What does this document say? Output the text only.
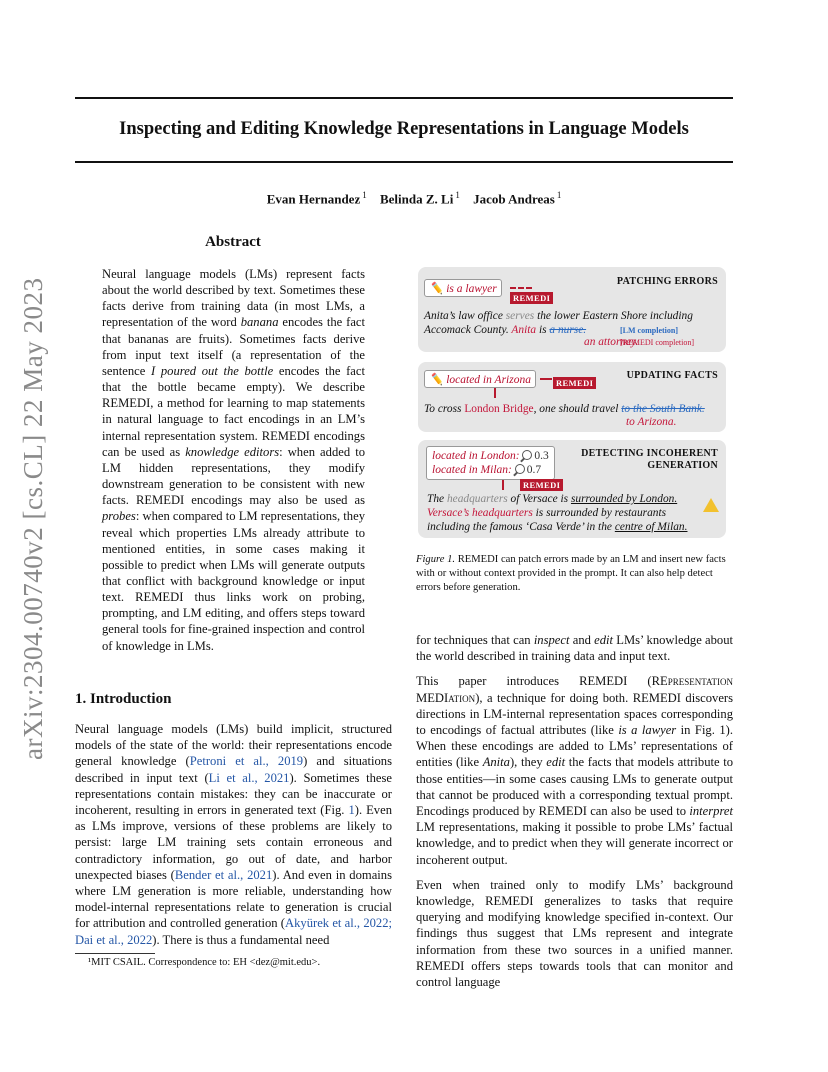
Inspecting and Editing Knowledge Representations in Language Models
Evan Hernandez $^1$ Belinda Z. Li $^1$ Jacob Andreas $^1$
arXiv:2304.00740v2 [cs.CL] 22 May 2023
Abstract
Neural language models (LMs) represent facts about the world described by text. Sometimes these facts derive from training data (in most LMs, a representation of the word banana encodes the fact that bananas are fruits). Sometimes facts derive from input text itself (a representation of the sentence I poured out the bottle encodes the fact that the bottle became empty). We describe REMEDI, a method for learning to map statements in natural language to fact encodings in an LM’s internal representation system. REMEDI encodings can be used as knowledge editors: when added to LM hidden representations, they modify downstream generation to be consistent with new facts. REMEDI encodings may also be used as probes: when compared to LM representations, they reveal which properties LMs already attribute to mentioned entities, in some cases making it possible to predict when LMs will generate outputs that conflict with background knowledge or input text. REMEDI thus links work on probing, prompting, and LM editing, and offers steps toward general tools for fine-grained inspection and control of knowledge in LMs.
1. Introduction
Neural language models (LMs) build implicit, structured models of the state of the world: their representations encode general knowledge (Petroni et al., 2019) and situations described in input text (Li et al., 2021). Sometimes these representations contain mistakes: they can be inaccurate or incoherent, resulting in errors in generated text (Fig. 1). Even as LMs improve, versions of these problems are likely to persist: large LM training sets contain erroneous and contradictory information, go out of date, and harbor unexpected biases (Bender et al., 2021). And even in domains where LM generation is more reliable, understanding how model-internal representations relate to generation is crucial for attribution and controlled generation (Akyürek et al., 2022; Dai et al., 2022). There is thus a fundamental need
¹MIT CSAIL. Correspondence to: EH <dez@mit.edu>.
PATCHING ERRORS
✏️ is a lawyer
REMEDI
Anita’s law office serves the lower Eastern Shore including
Accomack County. Anita is a nurse.	[LM completion]
an attorney.
[REMEDI completion]
UPDATING FACTS
✏️ located in Arizona	REMEDI
To cross London Bridge, one should travel to the South Bank.
to Arizona.
DETECTING INCOHERENT
GENERATION
located in London: 0.3
located in Milan: 0.7
REMEDI
The headquarters of Versace is surrounded by London.
Versace’s headquarters is surrounded by restaurants
including the famous ‘Casa Verde’ in the centre of Milan.
Figure 1. REMEDI can patch errors made by an LM and insert new facts with or without context provided in the prompt. It can also help detect errors before generation.

for techniques that can inspect and edit LMs’ knowledge about the world described in training data and input text.

This paper introduces REMEDI (REpresentation MEDIation), a technique for doing both. REMEDI discovers directions in LM-internal representation spaces corresponding to encodings of factual attributes (like is a lawyer in Fig. 1). When these encodings are added to LMs’ representations of entities (like Anita), they edit the facts that models attribute to those entities—in some cases causing LMs to generate output that cannot be produced with a corresponding textual prompt. Encodings produced by REMEDI can also be used to interpret LM representations, making it possible to probe LMs’ factual knowledge, and to predict when they will generate incorrect or incoherent output.

Even when trained only to modify LMs’ background knowledge, REMEDI generalizes to tasks that require querying and modifying knowledge specified in-context. Our findings thus suggest that LMs represent and integrate information from these two sources in a unified manner. REMEDI offers steps towards tools that can monitor and control language
